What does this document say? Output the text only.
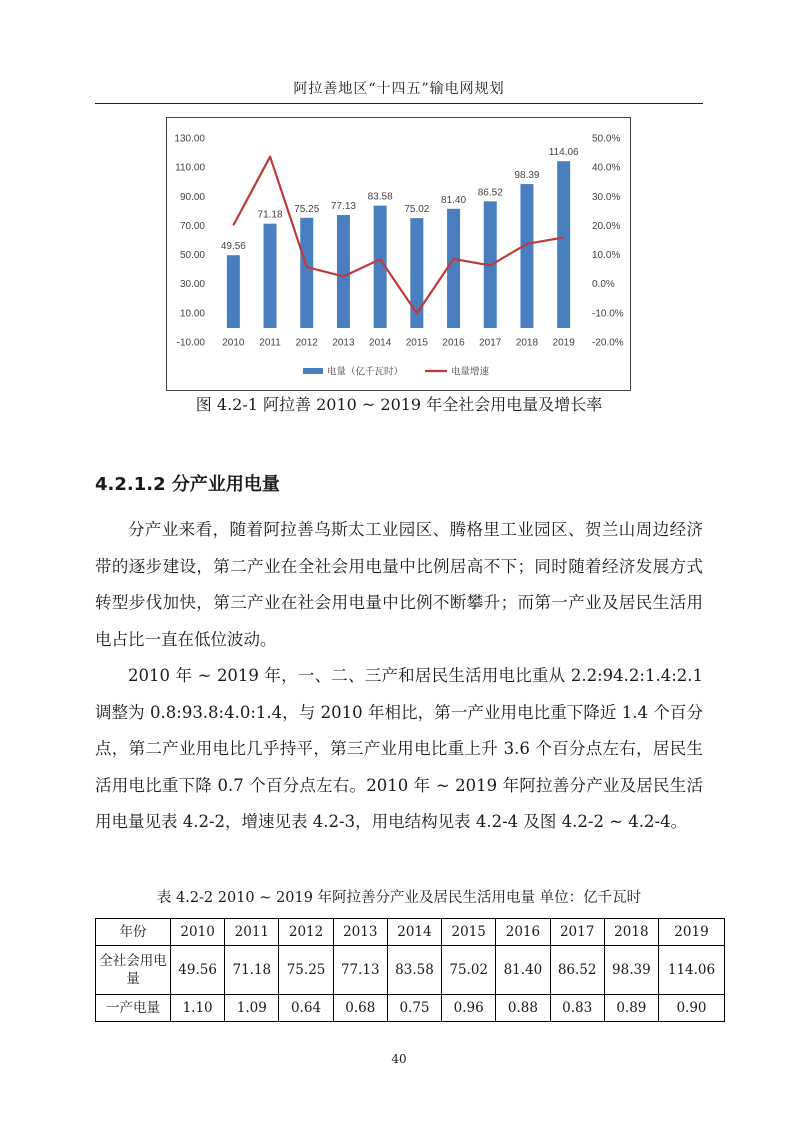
阿拉善地区“十四五”输电网规划
130.00
110.00
90.00
70.00
50.00
30.00
10.00
-10.00
50.0%
40.0%
30.0%
20.0%
10.0%
0.0%
-10.0%
-20.0%
49.56
71.18
75.25 77.13
83.58
75.02
81.40
86.52
98.39
114.06
2010 2011 2012 2013 2014 2015 2016 2017 2018 2019
电量（亿千瓦时）	电量增速
图 4.2-1 阿拉善 2010 ~ 2019 年全社会用电量及增长率
4.2.1.2 分产业用电量

分产业来看，随着阿拉善乌斯太工业园区、腾格里工业园区、贺兰山周边经济带的逐步建设，第二产业在全社会用电量中比例居高不下；同时随着经济发展方式转型步伐加快，第三产业在社会用电量中比例不断攀升；而第一产业及居民生活用电占比一直在低位波动。

2010 年 ~ 2019 年，一、二、三产和居民生活用电比重从 2.2:94.2:1.4:2.1 调整为 0.8:93.8:4.0:1.4，与 2010 年相比，第一产业用电比重下降近 1.4 个百分点，第二产业用电比几乎持平，第三产业用电比重上升 3.6 个百分点左右，居民生活用电比重下降 0.7 个百分点左右。2010 年 ~ 2019 年阿拉善分产业及居民生活用电量见表 4.2-2，增速见表 4.2-3，用电结构见表 4.2-4 及图 4.2-2 ~ 4.2-4。

表 4.2-2 2010 ~ 2019 年阿拉善分产业及居民生活用电量 单位：亿千瓦时
年份	2010	2011	2012	2013	2014	2015	2016	2017	2018	2019
全社会用电量	49.56	71.18	75.25	77.13	83.58	75.02	81.40	86.52	98.39	114.06
一产电量	1.10	1.09	0.64	0.68	0.75	0.96	0.88	0.83	0.89	0.90
40
